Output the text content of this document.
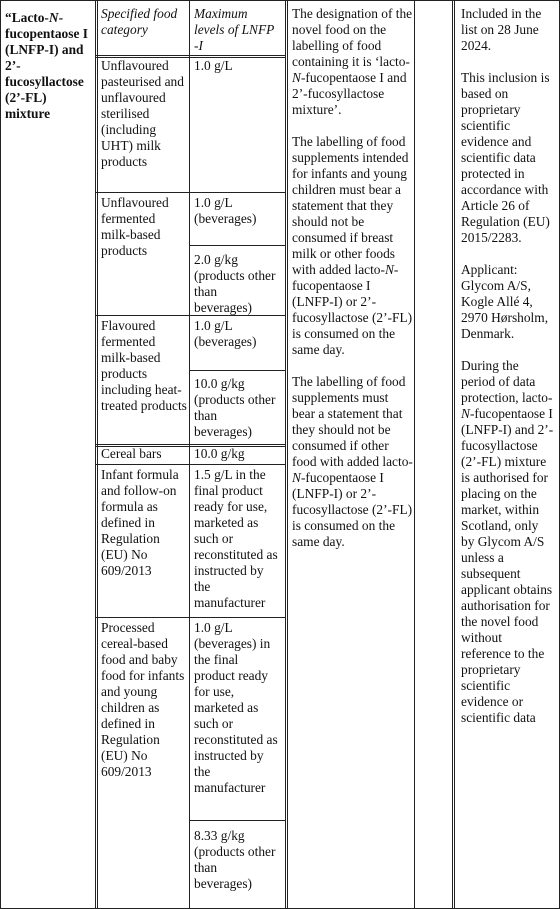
“Lacto-N-fucopentaose I (LNFP-I) and 2’-fucosyllactose (2’-FL) mixture
Specified food category
Maximum levels of LNFP -I
Unflavoured pasteurised and unflavoured sterilised (including UHT) milk products
1.0 g/L
Unflavoured fermented milk-based products
1.0 g/L (beverages)
2.0 g/kg (products other than beverages)
Flavoured fermented milk-based products including heat-treated products
1.0 g/L (beverages)
10.0 g/kg (products other than beverages)
Cereal bars	10.0 g/kg
Infant formula and follow-on formula as defined in Regulation (EU) No 609/2013
1.5 g/L in the final product ready for use, marketed as such or reconstituted as instructed by the manufacturer
Processed cereal-based food and baby food for infants and young children as defined in Regulation (EU) No 609/2013
1.0 g/L (beverages) in the final product ready for use, marketed as such or reconstituted as instructed by the manufacturer
8.33 g/kg (products other than beverages)

The designation of the novel food on the labelling of food containing it is ‘lacto-N-fucopentaose I and 2’-fucosyllactose mixture’.

The labelling of food supplements intended for infants and young children must bear a statement that they should not be consumed if breast milk or other foods with added lacto-N-fucopentaose I (LNFP-I) or 2’-fucosyllactose (2’-FL) is consumed on the same day.

The labelling of food supplements must bear a statement that they should not be consumed if other food with added lacto-N-fucopentaose I (LNFP-I) or 2’-fucosyllactose (2’-FL) is consumed on the same day.

Included in the list on 28 June 2024.

This inclusion is based on proprietary scientific evidence and scientific data protected in accordance with Article 26 of Regulation (EU) 2015/2283.

Applicant: Glycom A/S, Kogle Allé 4, 2970 Hørsholm, Denmark.

During the period of data protection, lacto-N-fucopentaose I (LNFP-I) and 2’-fucosyllactose (2’-FL) mixture is authorised for placing on the market, within Scotland, only by Glycom A/S unless a subsequent applicant obtains authorisation for the novel food without reference to the proprietary scientific evidence or scientific data
